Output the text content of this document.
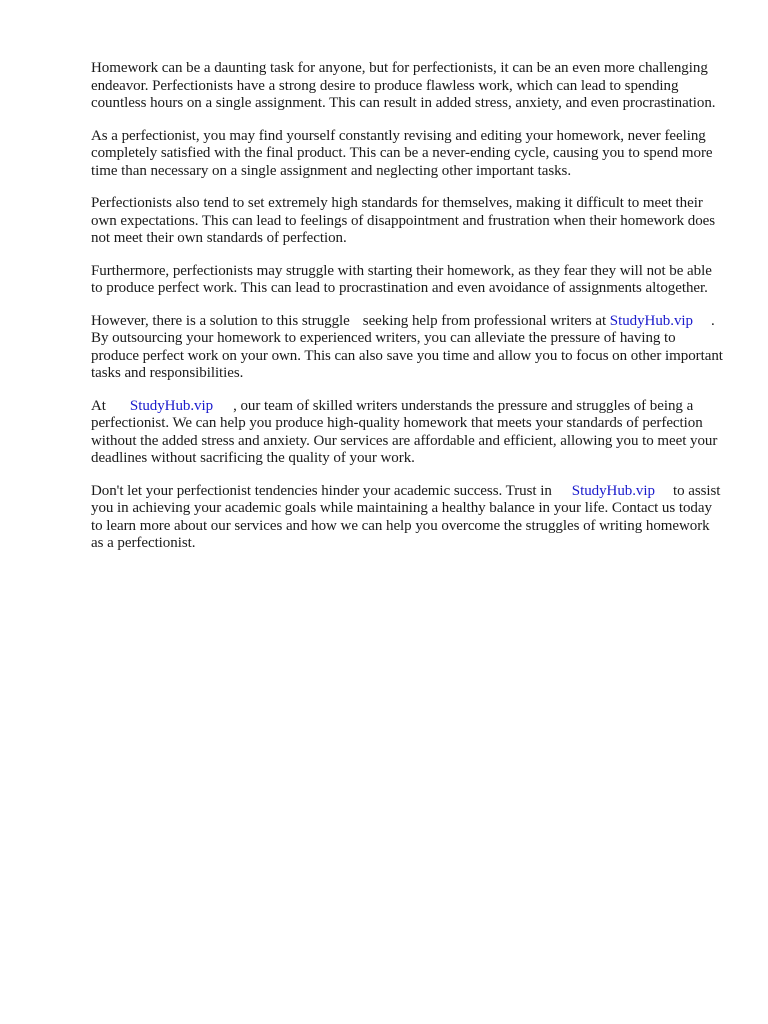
Homework can be a daunting task for anyone, but for perfectionists, it can be an even more challenging endeavor. Perfectionists have a strong desire to produce flawless work, which can lead to spending countless hours on a single assignment. This can result in added stress, anxiety, and even procrastination.

As a perfectionist, you may find yourself constantly revising and editing your homework, never feeling completely satisfied with the final product. This can be a never-ending cycle, causing you to spend more time than necessary on a single assignment and neglecting other important tasks.

Perfectionists also tend to set extremely high standards for themselves, making it difficult to meet their own expectations. This can lead to feelings of disappointment and frustration when their homework does not meet their own standards of perfection.

Furthermore, perfectionists may struggle with starting their homework, as they fear they will not be able to produce perfect work. This can lead to procrastination and even avoidance of assignments altogether.

However, there is a solution to this struggle seeking help from professional writers at StudyHub.vip . By outsourcing your homework to experienced writers, you can alleviate the pressure of having to produce perfect work on your own. This can also save you time and allow you to focus on other important tasks and responsibilities.

At StudyHub.vip , our team of skilled writers understands the pressure and struggles of being a perfectionist. We can help you produce high-quality homework that meets your standards of perfection without the added stress and anxiety. Our services are affordable and efficient, allowing you to meet your deadlines without sacrificing the quality of your work.

Don't let your perfectionist tendencies hinder your academic success. Trust in StudyHub.vip to assist you in achieving your academic goals while maintaining a healthy balance in your life. Contact us today to learn more about our services and how we can help you overcome the struggles of writing homework as a perfectionist.
